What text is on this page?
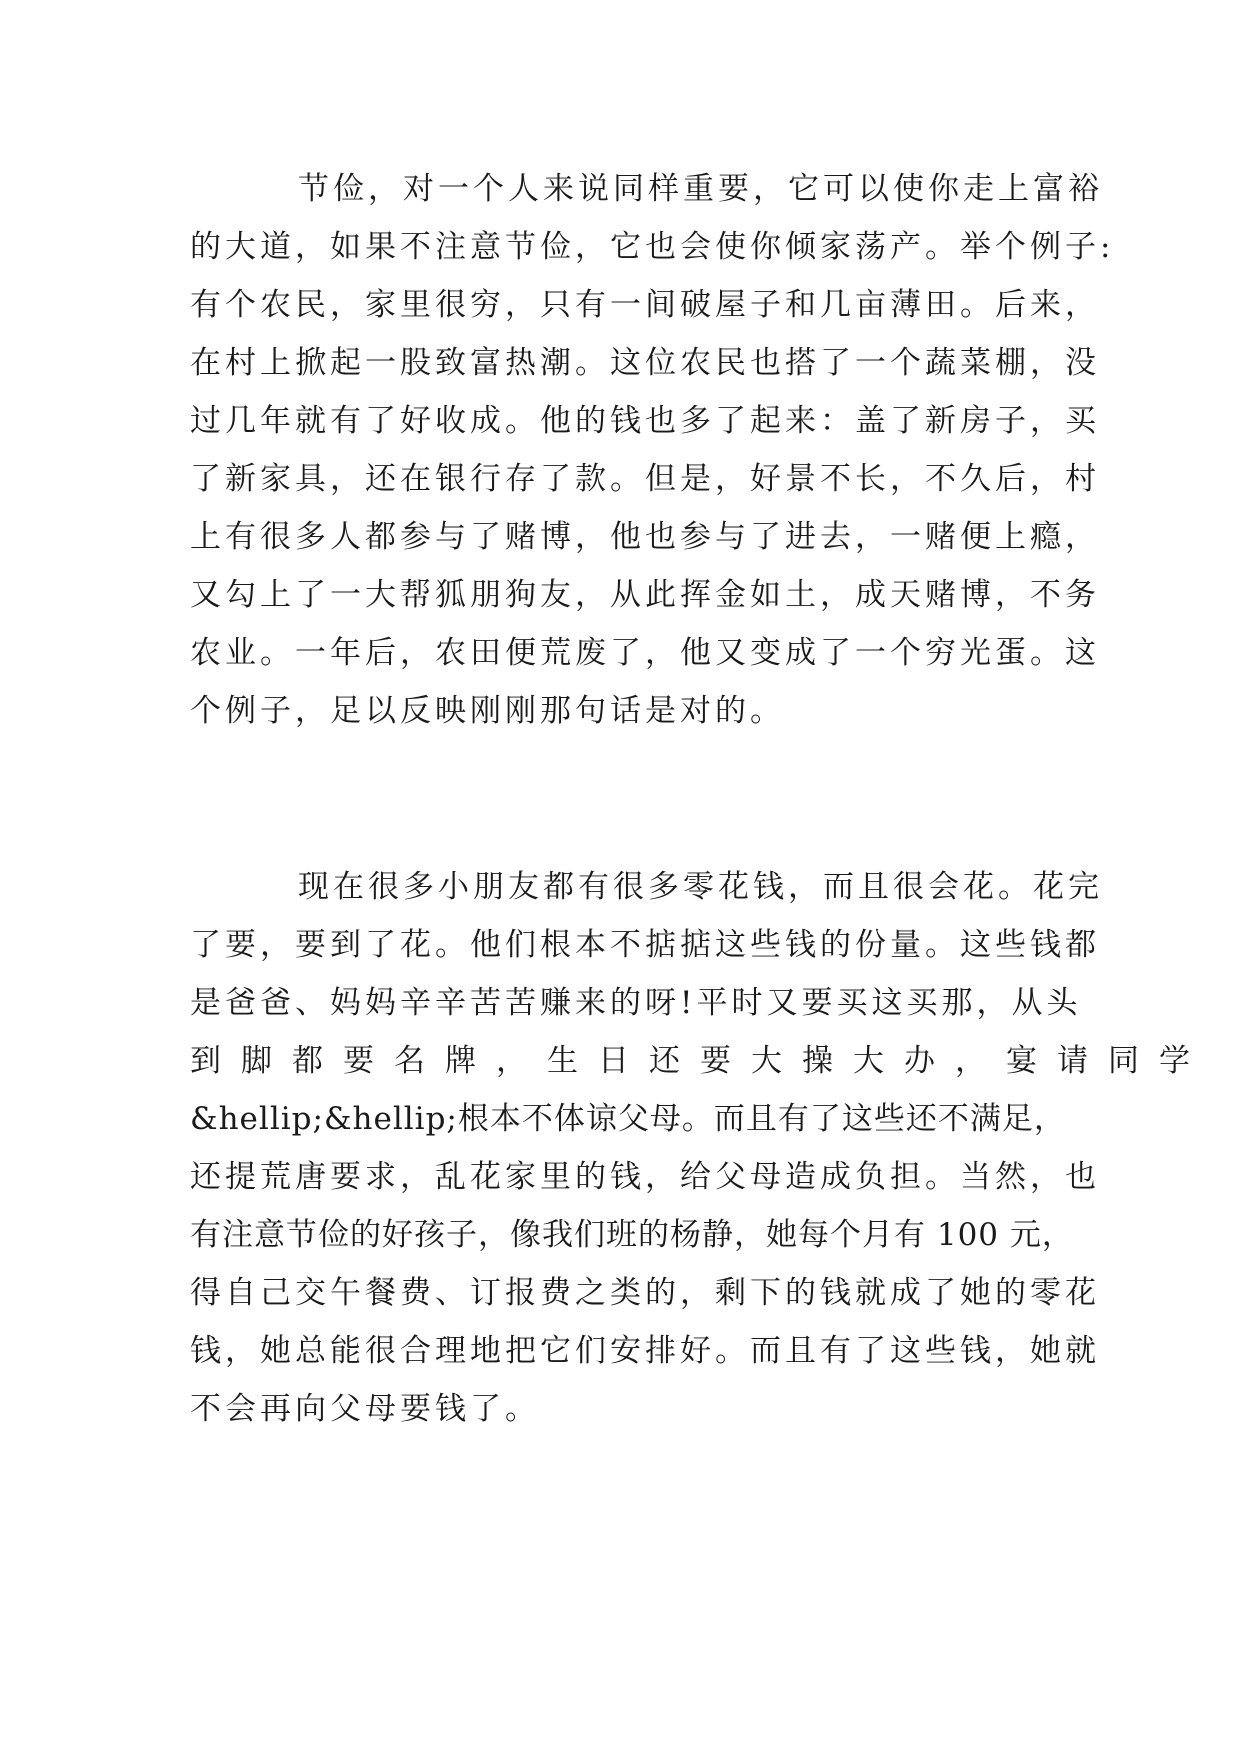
节俭，对一个人来说同样重要，它可以使你走上富裕
的大道，如果不注意节俭，它也会使你倾家荡产。举个例子:
有个农民，家里很穷，只有一间破屋子和几亩薄田。后来，
在村上掀起一股致富热潮。这位农民也搭了一个蔬菜棚，没
过几年就有了好收成。他的钱也多了起来：盖了新房子，买
了新家具，还在银行存了款。但是，好景不长，不久后，村
上有很多人都参与了赌博，他也参与了进去，一赌便上瘾，
又勾上了一大帮狐朋狗友，从此挥金如土，成天赌博，不务
农业。一年后，农田便荒废了，他又变成了一个穷光蛋。这
个例子，足以反映刚刚那句话是对的。
现在很多小朋友都有很多零花钱，而且很会花。花完
了要，要到了花。他们根本不掂掂这些钱的份量。这些钱都
是爸爸、妈妈辛辛苦苦赚来的呀!平时又要买这买那，从头
到脚都要名牌，生日还要大操大办，宴请同学
&hellip;&hellip;根本不体谅父母。而且有了这些还不满足，
还提荒唐要求，乱花家里的钱，给父母造成负担。当然，也
有注意节俭的好孩子，像我们班的杨静，她每个月有 100 元，
得自己交午餐费、订报费之类的，剩下的钱就成了她的零花
钱，她总能很合理地把它们安排好。而且有了这些钱，她就
不会再向父母要钱了。
